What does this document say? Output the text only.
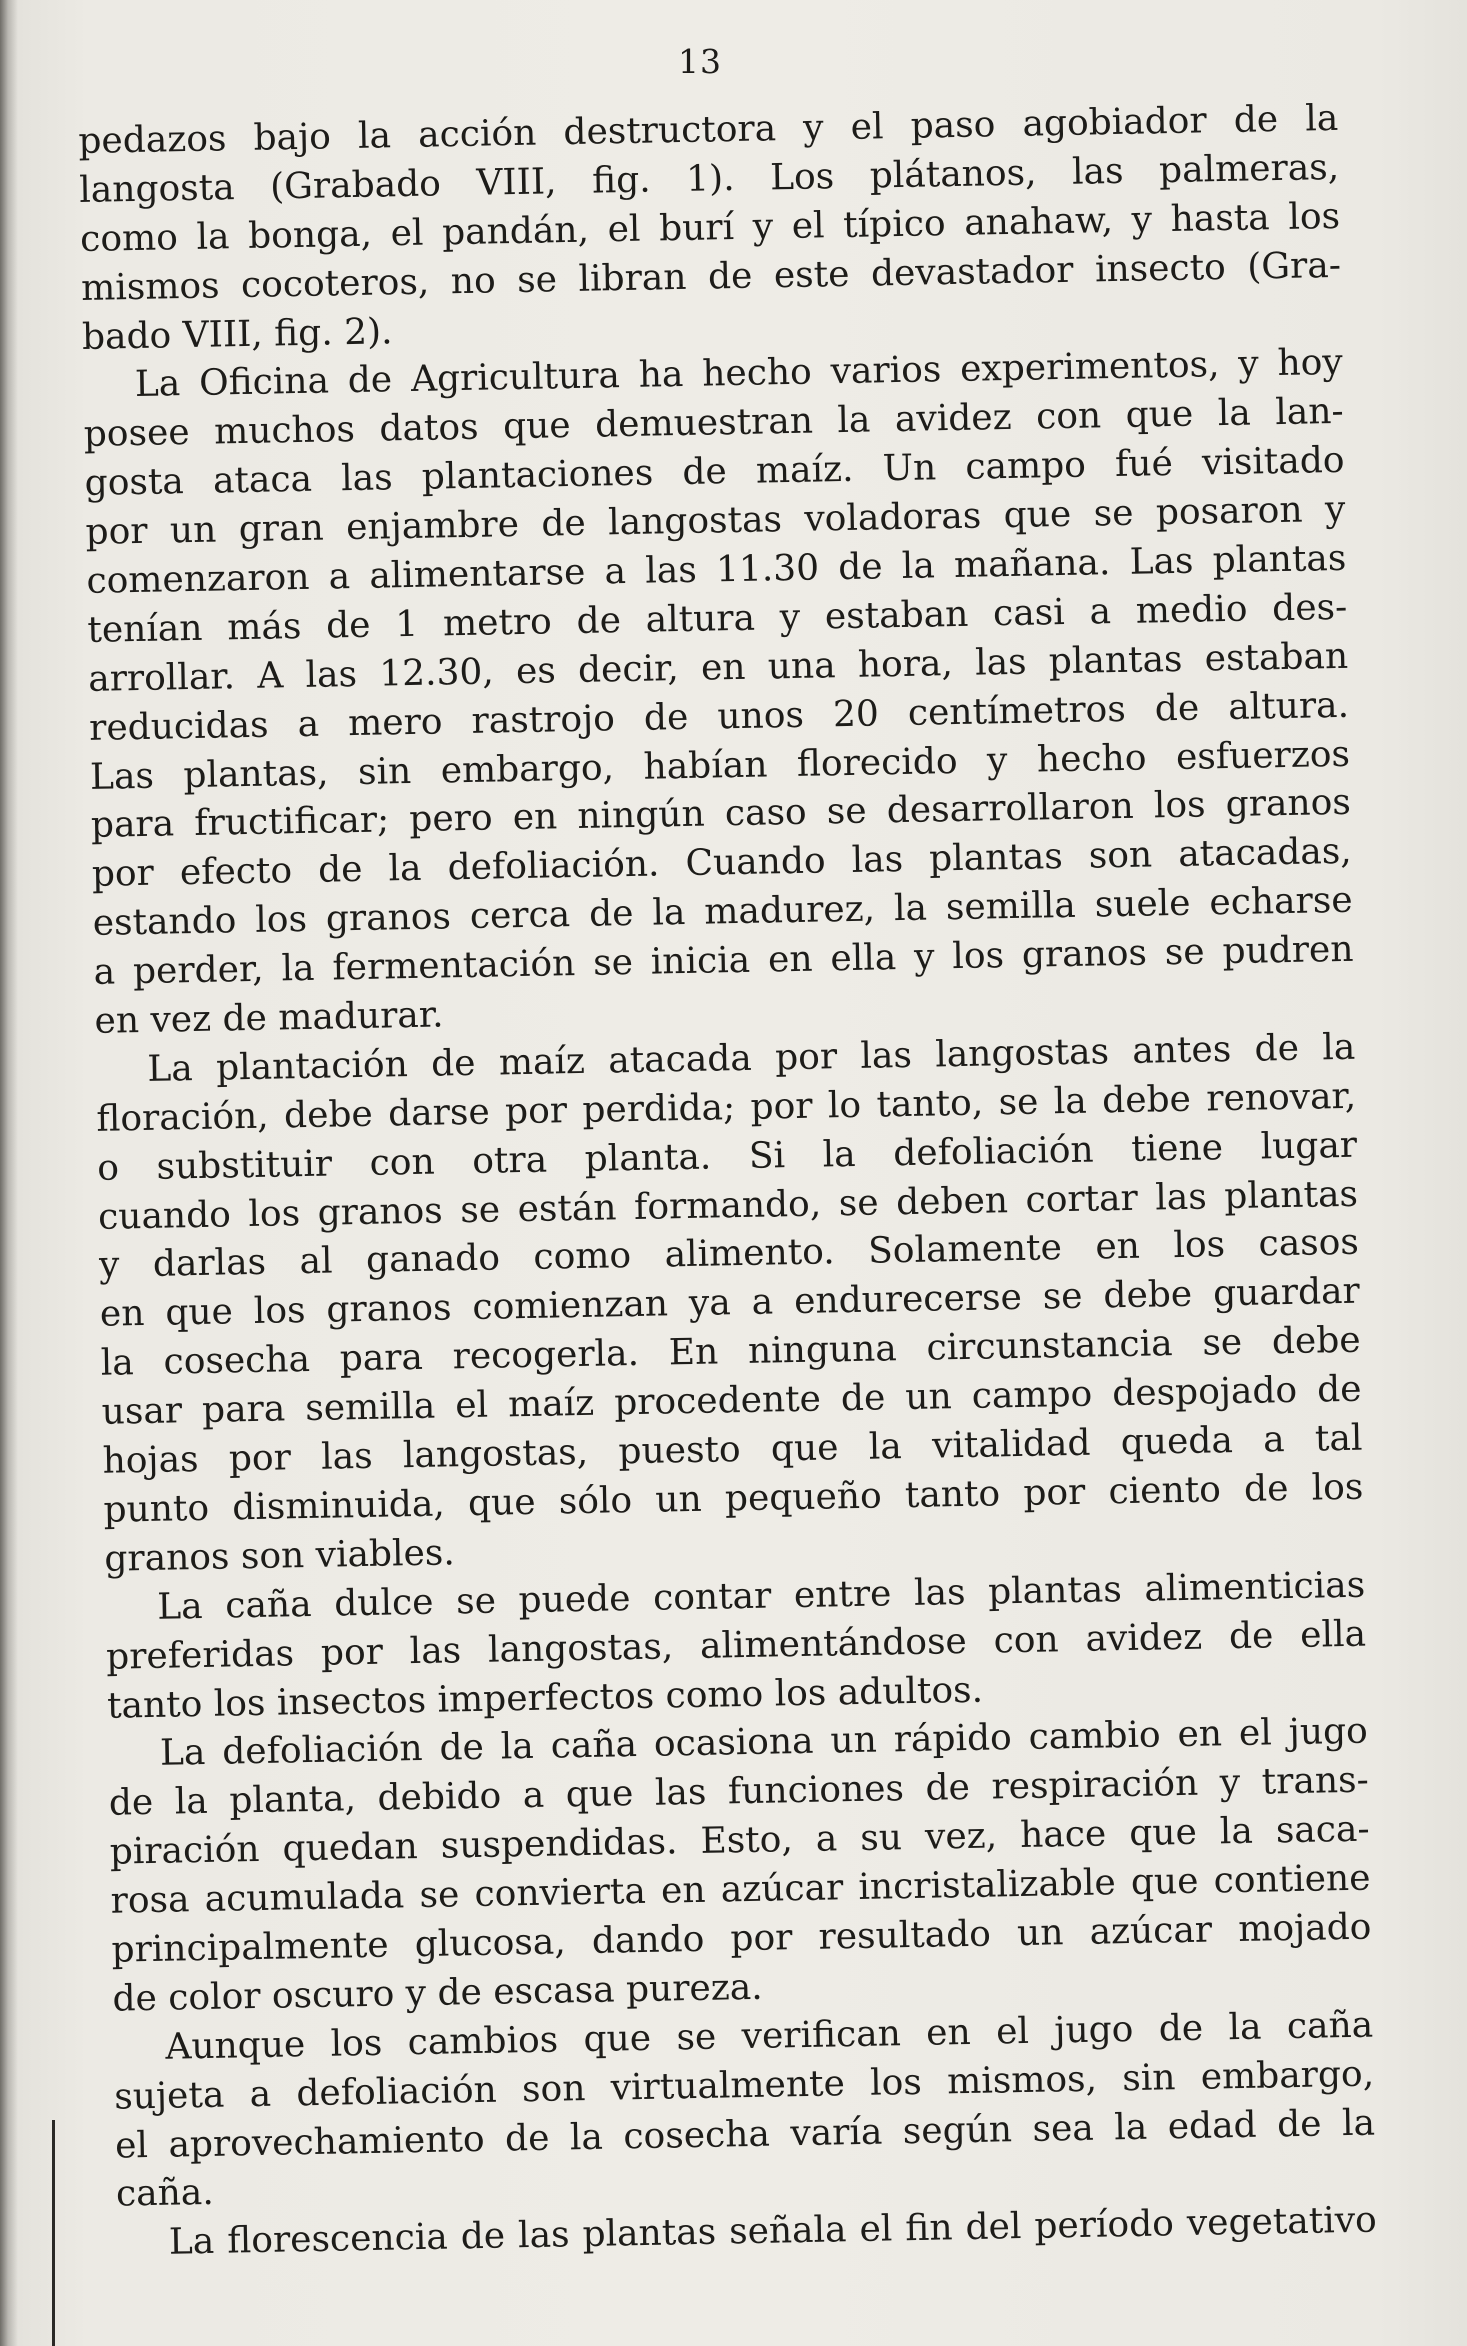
13
pedazos bajo la acción destructora y el paso agobiador de la
langosta (Grabado VIII, fig. 1). Los plátanos, las palmeras,
como la bonga, el pandán, el burí y el típico anahaw, y hasta los
mismos cocoteros, no se libran de este devastador insecto (Gra-
bado VIII, fig. 2).
La Oficina de Agricultura ha hecho varios experimentos, y hoy
posee muchos datos que demuestran la avidez con que la lan-
gosta ataca las plantaciones de maíz. Un campo fué visitado
por un gran enjambre de langostas voladoras que se posaron y
comenzaron a alimentarse a las 11.30 de la mañana. Las plantas
tenían más de 1 metro de altura y estaban casi a medio des-
arrollar. A las 12.30, es decir, en una hora, las plantas estaban
reducidas a mero rastrojo de unos 20 centímetros de altura.
Las plantas, sin embargo, habían florecido y hecho esfuerzos
para fructificar; pero en ningún caso se desarrollaron los granos
por efecto de la defoliación. Cuando las plantas son atacadas,
estando los granos cerca de la madurez, la semilla suele echarse
a perder, la fermentación se inicia en ella y los granos se pudren
en vez de madurar.
La plantación de maíz atacada por las langostas antes de la
floración, debe darse por perdida; por lo tanto, se la debe renovar,
o substituir con otra planta. Si la defoliación tiene lugar
cuando los granos se están formando, se deben cortar las plantas
y darlas al ganado como alimento. Solamente en los casos
en que los granos comienzan ya a endurecerse se debe guardar
la cosecha para recogerla. En ninguna circunstancia se debe
usar para semilla el maíz procedente de un campo despojado de
hojas por las langostas, puesto que la vitalidad queda a tal
punto disminuida, que sólo un pequeño tanto por ciento de los
granos son viables.
La caña dulce se puede contar entre las plantas alimenticias
preferidas por las langostas, alimentándose con avidez de ella
tanto los insectos imperfectos como los adultos.
La defoliación de la caña ocasiona un rápido cambio en el jugo
de la planta, debido a que las funciones de respiración y trans-
piración quedan suspendidas. Esto, a su vez, hace que la saca-
rosa acumulada se convierta en azúcar incristalizable que contiene
principalmente glucosa, dando por resultado un azúcar mojado
de color oscuro y de escasa pureza.
Aunque los cambios que se verifican en el jugo de la caña
sujeta a defoliación son virtualmente los mismos, sin embargo,
el aprovechamiento de la cosecha varía según sea la edad de la
caña.
La florescencia de las plantas señala el fin del período vegetativo
